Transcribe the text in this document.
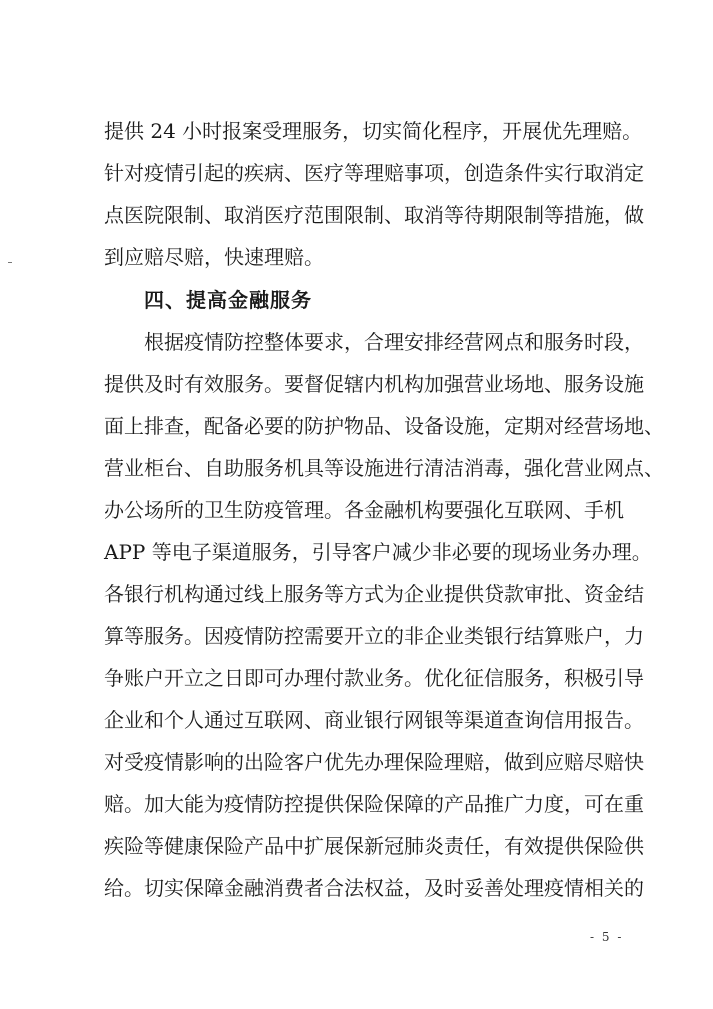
提供 24 小时报案受理服务，切实简化程序，开展优先理赔。
针对疫情引起的疾病、医疗等理赔事项，创造条件实行取消定
点医院限制、取消医疗范围限制、取消等待期限制等措施，做
到应赔尽赔，快速理赔。
四、提高金融服务
根据疫情防控整体要求，合理安排经营网点和服务时段，
提供及时有效服务。要督促辖内机构加强营业场地、服务设施
面上排查，配备必要的防护物品、设备设施，定期对经营场地、
营业柜台、自助服务机具等设施进行清洁消毒，强化营业网点、
办公场所的卫生防疫管理。各金融机构要强化互联网、手机
APP 等电子渠道服务，引导客户减少非必要的现场业务办理。
各银行机构通过线上服务等方式为企业提供贷款审批、资金结
算等服务。因疫情防控需要开立的非企业类银行结算账户，力
争账户开立之日即可办理付款业务。优化征信服务，积极引导
企业和个人通过互联网、商业银行网银等渠道查询信用报告。
对受疫情影响的出险客户优先办理保险理赔，做到应赔尽赔快
赔。加大能为疫情防控提供保险保障的产品推广力度，可在重
疾险等健康保险产品中扩展保新冠肺炎责任，有效提供保险供
给。切实保障金融消费者合法权益，及时妥善处理疫情相关的
- 5 -
